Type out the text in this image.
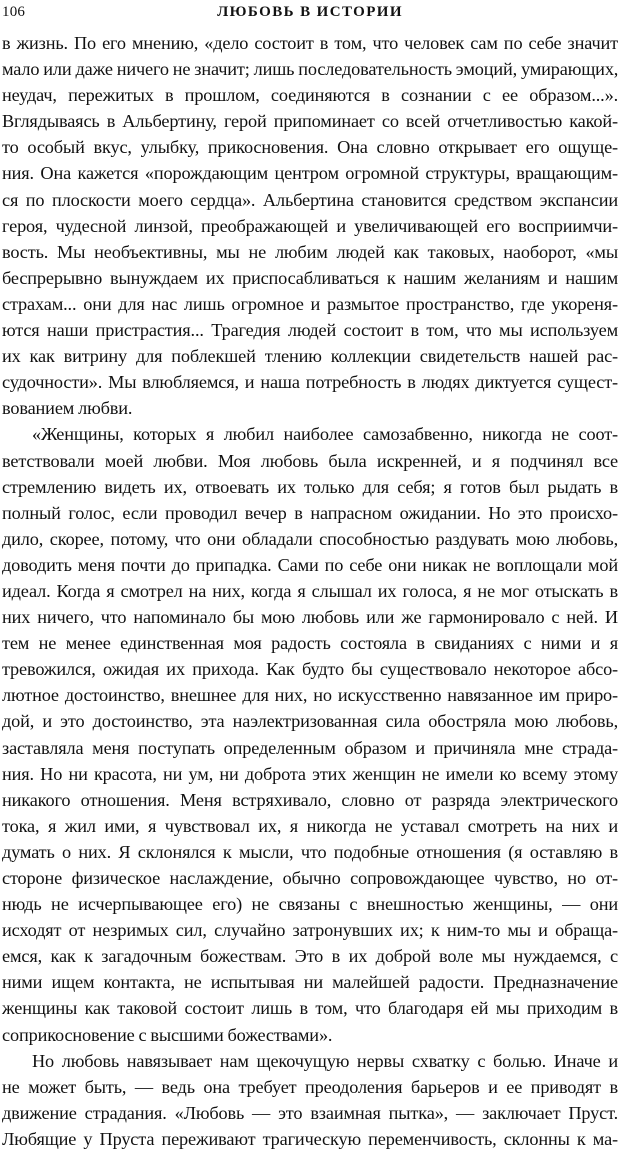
106	ЛЮБОВЬ В ИСТОРИИ
в жизнь. По его мнению, «дело состоит в том, что человек сам по себе значит
мало или даже ничего не значит; лишь последовательность эмоций, умирающих,
неудач, пережитых в прошлом, соединяются в сознании с ее образом...».
Вглядываясь в Альбертину, герой припоминает со всей отчетливостью какой-
то особый вкус, улыбку, прикосновения. Она словно открывает его ощуще-
ния. Она кажется «порождающим центром огромной структуры, вращающим-
ся по плоскости моего сердца». Альбертина становится средством экспансии
героя, чудесной линзой, преображающей и увеличивающей его восприимчи-
вость. Мы необъективны, мы не любим людей как таковых, наоборот, «мы
беспрерывно вынуждаем их приспосабливаться к нашим желаниям и нашим
страхам... они для нас лишь огромное и размытое пространство, где укореня-
ются наши пристрастия... Трагедия людей состоит в том, что мы используем
их как витрину для поблекшей тлению коллекции свидетельств нашей рас-
судочности». Мы влюбляемся, и наша потребность в людях диктуется сущест-
вованием любви.
«Женщины, которых я любил наиболее самозабвенно, никогда не соот-
ветствовали моей любви. Моя любовь была искренней, и я подчинял все
стремлению видеть их, отвоевать их только для себя; я готов был рыдать в
полный голос, если проводил вечер в напрасном ожидании. Но это происхо-
дило, скорее, потому, что они обладали способностью раздувать мою любовь,
доводить меня почти до припадка. Сами по себе они никак не воплощали мой
идеал. Когда я смотрел на них, когда я слышал их голоса, я не мог отыскать в
них ничего, что напоминало бы мою любовь или же гармонировало с ней. И
тем не менее единственная моя радость состояла в свиданиях с ними и я
тревожился, ожидая их прихода. Как будто бы существовало некоторое абсо-
лютное достоинство, внешнее для них, но искусственно навязанное им приро-
дой, и это достоинство, эта наэлектризованная сила обостряла мою любовь,
заставляла меня поступать определенным образом и причиняла мне страда-
ния. Но ни красота, ни ум, ни доброта этих женщин не имели ко всему этому
никакого отношения. Меня встряхивало, словно от разряда электрического
тока, я жил ими, я чувствовал их, я никогда не уставал смотреть на них и
думать о них. Я склонялся к мысли, что подобные отношения (я оставляю в
стороне физическое наслаждение, обычно сопровождающее чувство, но от-
нюдь не исчерпывающее его) не связаны с внешностью женщины, — они
исходят от незримых сил, случайно затронувших их; к ним-то мы и обраща-
емся, как к загадочным божествам. Это в их доброй воле мы нуждаемся, с
ними ищем контакта, не испытывая ни малейшей радости. Предназначение
женщины как таковой состоит лишь в том, что благодаря ей мы приходим в
соприкосновение с высшими божествами».
Но любовь навязывает нам щекочущую нервы схватку с болью. Иначе и
не может быть, — ведь она требует преодоления барьеров и ее приводят в
движение страдания. «Любовь — это взаимная пытка», — заключает Пруст.
Любящие у Пруста переживают трагическую переменчивость, склонны к ма-
